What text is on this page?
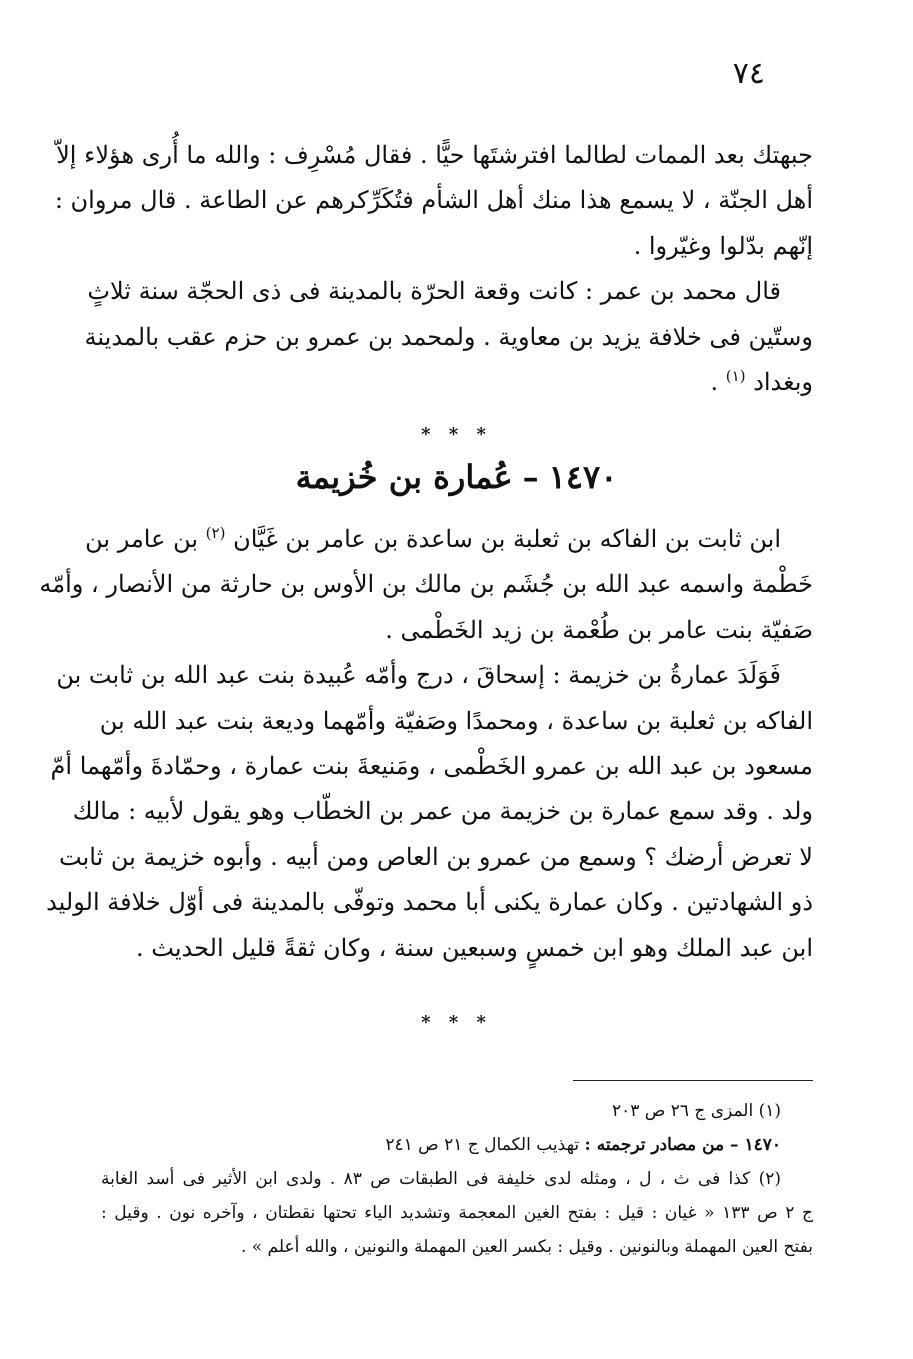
٧٤

جبهتك بعد الممات لطالما افترشتَها حيًّا . فقال مُسْرِف : والله ما أُرى هؤلاء إلاّ
أهل الجنّة ، لا يسمع هذا منك أهل الشأم فتُكَرِّكرهم عن الطاعة . قال مروان :
إنّهم بدّلوا وغيّروا .

قال محمد بن عمر : كانت وقعة الحرّة بالمدينة فى ذى الحجّة سنة ثلاثٍ
وستّين فى خلافة يزيد بن معاوية . ولمحمد بن عمرو بن حزم عقب بالمدينة
وبغداد $^{(١)}$ .

* * *
١٤٧٠–عُمارة بن خُزيمة

ابن ثابت بن الفاكه بن ثعلبة بن ساعدة بن عامر بن غَيَّان $^{(٢)}$ بن عامر بن
خَطْمة واسمه عبد الله بن جُشَم بن مالك بن الأوس بن حارثة من الأنصار ، وأمّه
صَفيّة بنت عامر بن طُعْمة بن زيد الخَطْمى .

فَوَلَدَ عمارةُ بن خزيمة : إسحاقَ ، درج وأمّه عُبيدة بنت عبد الله بن ثابت بن
الفاكه بن ثعلبة بن ساعدة ، ومحمدًا وصَفيّة وأمّهما وديعة بنت عبد الله بن
مسعود بن عبد الله بن عمرو الخَطْمى ، ومَنيعةَ بنت عمارة ، وحمّادةَ وأمّهما أمّ
ولد . وقد سمع عمارة بن خزيمة من عمر بن الخطّاب وهو يقول لأبيه : مالك
لا تعرض أرضك ؟ وسمع من عمرو بن العاص ومن أبيه . وأبوه خزيمة بن ثابت
ذو الشهادتين . وكان عمارة يكنى أبا محمد وتوفّى بالمدينة فى أوّل خلافة الوليد
ابن عبد الملك وهو ابن خمسٍ وسبعين سنة ، وكان ثقةً قليل الحديث .

* * *
(١) المزى ج ٢٦ ص ٢٠٣
١٤٧٠ – من مصادر ترجمته : تهذيب الكمال ج ٢١ ص ٢٤١
(٢) كذا فى ث ، ل ، ومثله لدى خليفة فى الطبقات ص ٨٣ . ولدى ابن الأثير فى أسد الغابة
ج ٢ ص ١٣٣ « غيان : قيل : بفتح الغين المعجمة وتشديد الياء تحتها نقطتان ، وآخره نون . وقيل :
بفتح العين المهملة وبالنونين . وقيل : بكسر العين المهملة والنونين ، والله أعلم » .
